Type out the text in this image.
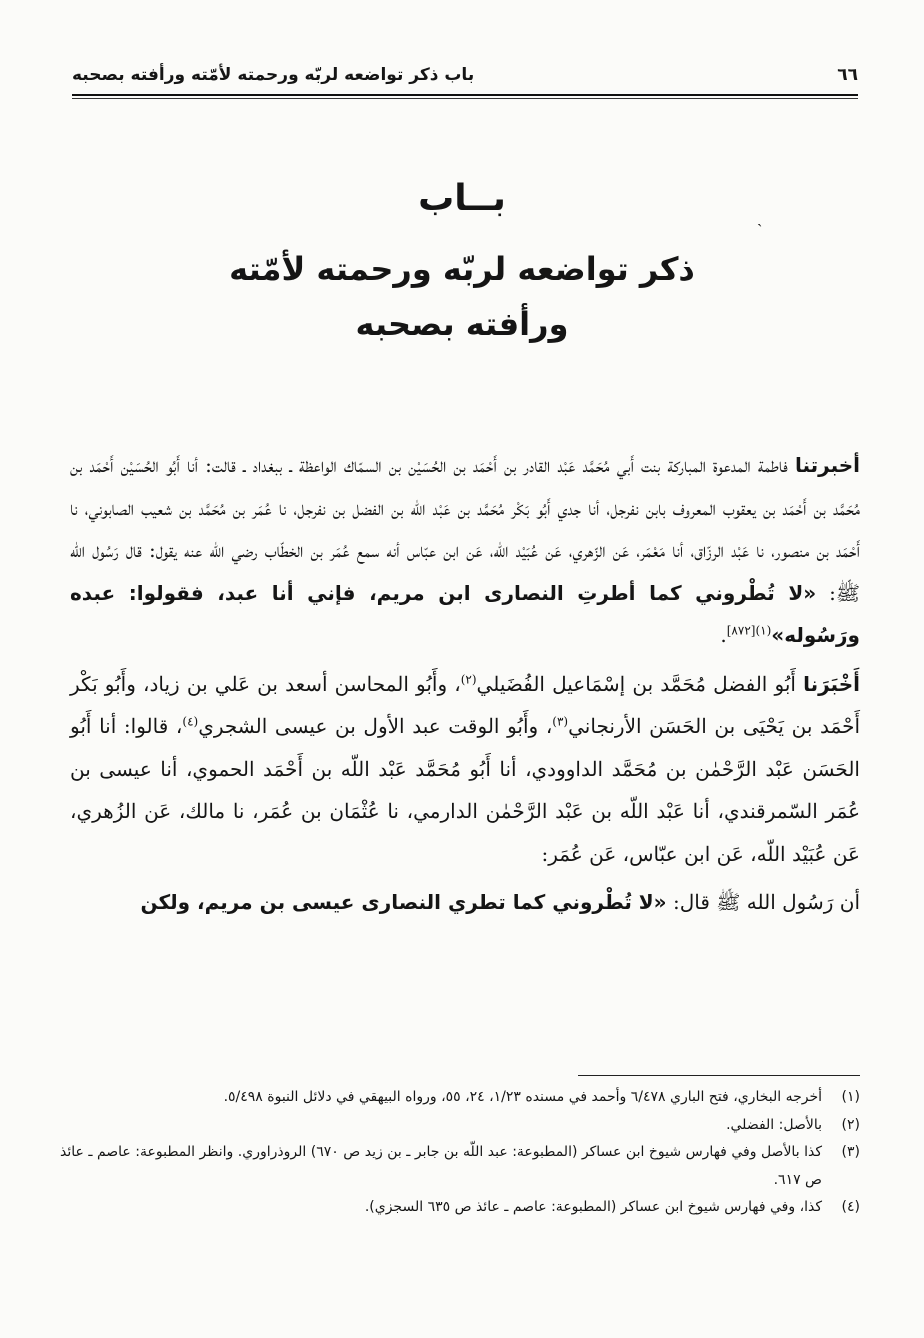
٦٦
باب ذكر تواضعه لربّه ورحمته لأمّته ورأفته بصحبه
ˏ
بــاب
ذكر تواضعه لربّه ورحمته لأمّته
ورأفته بصحبه

أخبرتنا فاطمة المدعوة المباركة بنت أَبي مُحَمَّد عَبْد القادر بن أَحْمَد بن الحُسَيْن بن السمّاك الواعظة ـ ببغداد ـ قالت: أنا أَبُو الحُسَيْن أَحْمَد بن مُحَمَّد بن أَحْمَد بن يعقوب المعروف بابن نفرجل، أنا جدي أَبُو بَكْر مُحَمَّد بن عَبْد اللّه بن الفضل بن نفرجل، نا عُمَر بن مُحَمَّد بن شعيب الصابوني، نا أَحْمَد بن منصور، نا عَبْد الرزّاق، أنا مَعْمَر، عَن الزّهري، عَن عُبَيْد اللّه، عَن ابن عبّاس أنه سمع عُمَر بن الخطّاب رضي الله عنه يقول: قال رَسُول الله ﷺ: «لا تُطْروني كما أطرتِ النصارى ابن مريم، فإني أنا عبد، فقولوا: عبده ورَسُوله»$^{(١)[٨٧٢]}$.

أَخْبَرَنا أَبُو الفضل مُحَمَّد بن إسْمَاعيل الفُضَيلي$^{(٢)}$، وأَبُو المحاسن أسعد بن عَلي بن زياد، وأَبُو بَكْر أَحْمَد بن يَحْيَى بن الحَسَن الأرنجاني$^{(٣)}$، وأَبُو الوقت عبد الأول بن عيسى الشجري$^{(٤)}$، قالوا: أنا أَبُو الحَسَن عَبْد الرَّحْمٰن بن مُحَمَّد الداوودي، أنا أَبُو مُحَمَّد عَبْد اللّه بن أَحْمَد الحموي، أنا عيسى بن عُمَر السّمرقندي، أنا عَبْد اللّه بن عَبْد الرَّحْمٰن الدارمي، نا عُثْمَان بن عُمَر، نا مالك، عَن الزُهري، عَن عُبَيْد اللّه، عَن ابن عبّاس، عَن عُمَر:

أن رَسُول الله ﷺ قال: «لا تُطْروني كما تطري النصارى عيسى بن مريم، ولكن

(١)
أخرجه البخاري، فتح الباري ٦/٤٧٨ وأحمد في مسنده ١/٢٣، ٢٤، ٥٥، ورواه البيهقي في دلائل النبوة ٥/٤٩٨.
(٢)
بالأصل: الفضلي.
(٣)
كذا بالأصل وفي فهارس شيوخ ابن عساكر (المطبوعة: عبد اللّه بن جابر ـ بن زيد ص ٦٧٠) الروذراوري. وانظر المطبوعة: عاصم ـ عائذ ص ٦١٧.
(٤)
كذا، وفي فهارس شيوخ ابن عساكر (المطبوعة: عاصم ـ عائذ ص ٦٣٥ السجزي).
